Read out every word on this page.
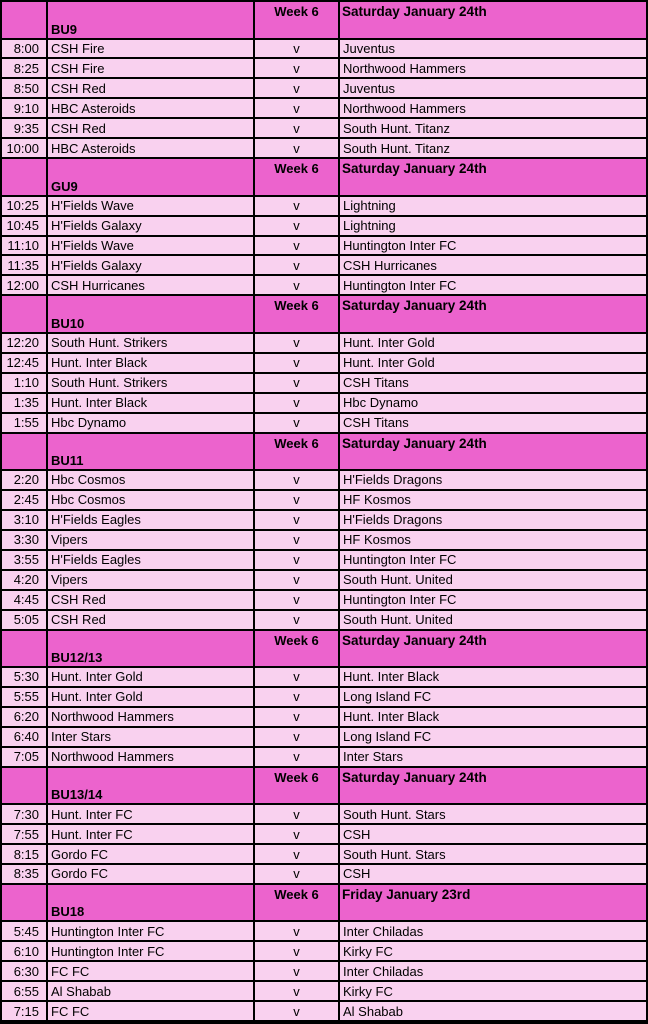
BU9
Week 6	Saturday January 24th
8:00 CSH Fire	v	Juventus
8:25 CSH Fire	v	Northwood Hammers
8:50 CSH Red	v	Juventus
9:10 HBC Asteroids	v	Northwood Hammers
9:35 CSH Red	v	South Hunt. Titanz
10:00 HBC Asteroids	v	South Hunt. Titanz
GU9
Week 6	Saturday January 24th
10:25 H'Fields Wave	v	Lightning
10:45 H'Fields Galaxy	v	Lightning
11:10 H'Fields Wave	v	Huntington Inter FC
11:35 H'Fields Galaxy	v	CSH Hurricanes
12:00 CSH Hurricanes	v	Huntington Inter FC
BU10
Week 6	Saturday January 24th
12:20 South Hunt. Strikers	v	Hunt. Inter Gold
12:45 Hunt. Inter Black	v	Hunt. Inter Gold
1:10 South Hunt. Strikers	v	CSH Titans
1:35 Hunt. Inter Black	v	Hbc Dynamo
1:55 Hbc Dynamo	v	CSH Titans
BU11
Week 6	Saturday January 24th
2:20 Hbc Cosmos	v	H'Fields Dragons
2:45 Hbc Cosmos	v	HF Kosmos
3:10 H'Fields Eagles	v	H'Fields Dragons
3:30 Vipers	v	HF Kosmos
3:55 H'Fields Eagles	v	Huntington Inter FC
4:20 Vipers	v	South Hunt. United
4:45 CSH Red	v	Huntington Inter FC
5:05 CSH Red	v	South Hunt. United
BU12/13
Week 6	Saturday January 24th
5:30 Hunt. Inter Gold	v	Hunt. Inter Black
5:55 Hunt. Inter Gold	v	Long Island FC
6:20 Northwood Hammers	v	Hunt. Inter Black
6:40 Inter Stars	v	Long Island FC
7:05 Northwood Hammers	v	Inter Stars
BU13/14
Week 6	Saturday January 24th
7:30 Hunt. Inter FC	v	South Hunt. Stars
7:55 Hunt. Inter FC	v	CSH
8:15 Gordo FC	v	South Hunt. Stars
8:35 Gordo FC	v	CSH
BU18
Week 6	Friday January 23rd
5:45 Huntington Inter FC	v	Inter Chiladas
6:10 Huntington Inter FC	v	Kirky FC
6:30 FC FC	v	Inter Chiladas
6:55 Al Shabab	v	Kirky FC
7:15 FC FC	v	Al Shabab
